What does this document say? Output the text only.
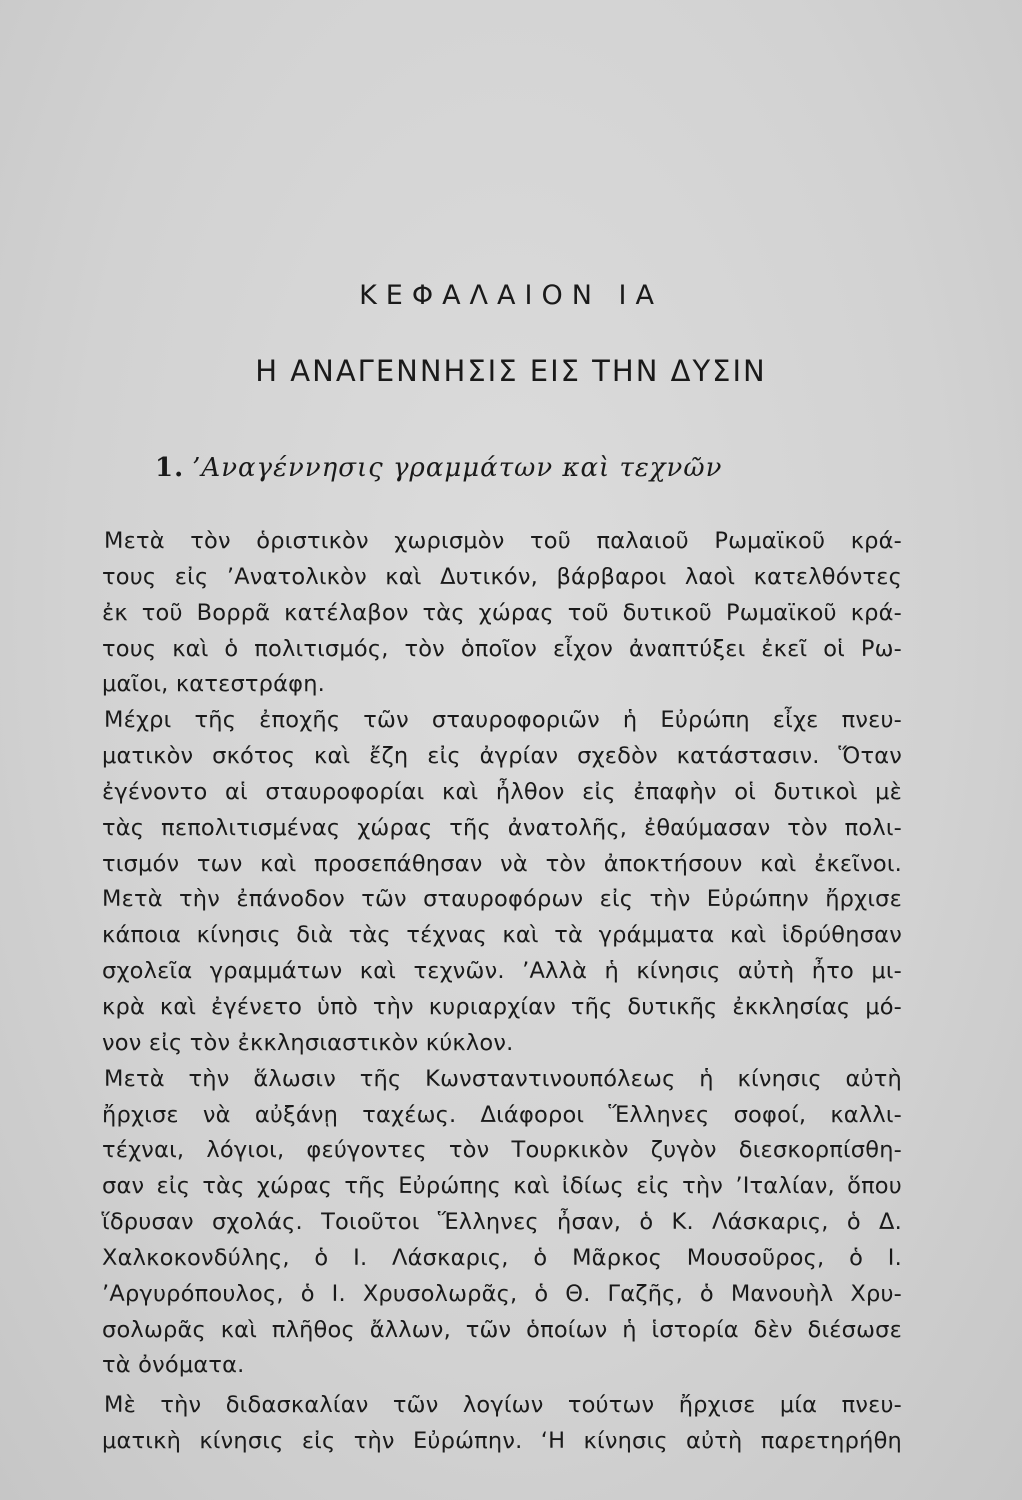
ΚΕΦΑΛΑΙΟΝ ΙΑ
Η ΑΝΑΓΕΝΝΗΣΙΣ ΕΙΣ ΤΗΝ ΔΥΣΙΝ
1. ’Αναγέννησις γραμμάτων καὶ τεχνῶν
Μετὰ τὸν ὁριστικὸν χωρισμὸν τοῦ παλαιοῦ Ρωμαϊκοῦ κρά-
τους εἰς ’Ανατολικὸν καὶ Δυτικόν, βάρβαροι λαοὶ κατελθόντες
ἐκ τοῦ Βορρᾶ κατέλαβον τὰς χώρας τοῦ δυτικοῦ Ρωμαϊκοῦ κρά-
τους καὶ ὁ πολιτισμός, τὸν ὁποῖον εἶχον ἀναπτύξει ἐκεῖ οἱ Ρω-
μαῖοι, κατεστράφη.
Μέχρι τῆς ἐποχῆς τῶν σταυροφοριῶν ἡ Εὐρώπη εἶχε πνευ-
ματικὸν σκότος καὶ ἔζη εἰς ἀγρίαν σχεδὸν κατάστασιν. Ὅταν
ἐγένοντο αἱ σταυροφορίαι καὶ ἦλθον εἰς ἐπαφὴν οἱ δυτικοὶ μὲ
τὰς πεπολιτισμένας χώρας τῆς ἀνατολῆς, ἐθαύμασαν τὸν πολι-
τισμόν των καὶ προσεπάθησαν νὰ τὸν ἀποκτήσουν καὶ ἐκεῖνοι.
Μετὰ τὴν ἐπάνοδον τῶν σταυροφόρων εἰς τὴν Εὐρώπην ἤρχισε
κάποια κίνησις διὰ τὰς τέχνας καὶ τὰ γράμματα καὶ ἱδρύθησαν
σχολεῖα γραμμάτων καὶ τεχνῶν. ’Αλλὰ ἡ κίνησις αὐτὴ ἦτο μι-
κρὰ καὶ ἐγένετο ὑπὸ τὴν κυριαρχίαν τῆς δυτικῆς ἐκκλησίας μό-
νον εἰς τὸν ἐκκλησιαστικὸν κύκλον.
Μετὰ τὴν ἅλωσιν τῆς Κωνσταντινουπόλεως ἡ κίνησις αὐτὴ
ἤρχισε νὰ αὐξάνῃ ταχέως. Διάφοροι Ἕλληνες σοφοί, καλλι-
τέχναι, λόγιοι, φεύγοντες τὸν Τουρκικὸν ζυγὸν διεσκορπίσθη-
σαν εἰς τὰς χώρας τῆς Εὐρώπης καὶ ἰδίως εἰς τὴν ’Ιταλίαν, ὅπου
ἵδρυσαν σχολάς. Τοιοῦτοι Ἕλληνες ἦσαν, ὁ Κ. Λάσκαρις, ὁ Δ.
Χαλκοκονδύλης, ὁ Ι. Λάσκαρις, ὁ Μᾶρκος Μουσοῦρος, ὁ Ι.
’Αργυρόπουλος, ὁ Ι. Χρυσολωρᾶς, ὁ Θ. Γαζῆς, ὁ Μανουὴλ Χρυ-
σολωρᾶς καὶ πλῆθος ἄλλων, τῶν ὁποίων ἡ ἱστορία δὲν διέσωσε
τὰ ὀνόματα.
Μὲ τὴν διδασκαλίαν τῶν λογίων τούτων ἤρχισε μία πνευ-
ματικὴ κίνησις εἰς τὴν Εὐρώπην. ‘Η κίνησις αὐτὴ παρετηρήθη
